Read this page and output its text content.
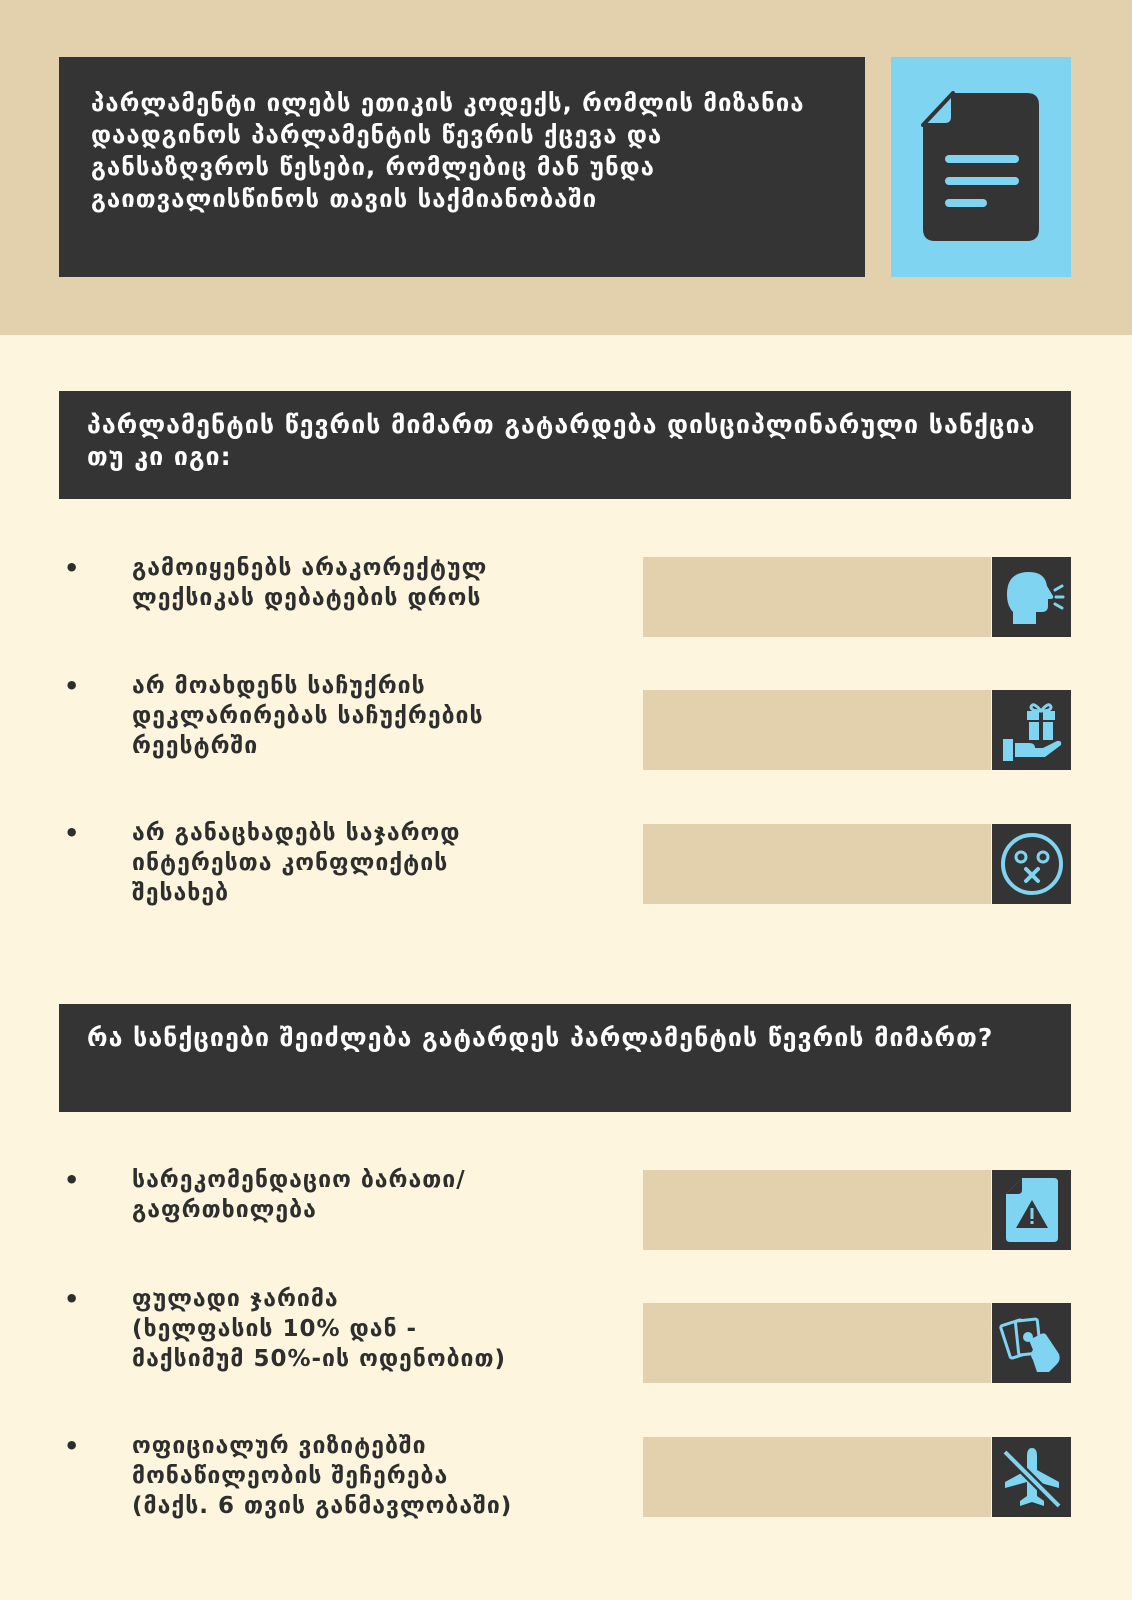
პარლამენტი ილებს ეთიკის კოდექს, რომლის მიზანია დაადგინოს პარლამენტის წევრის ქცევა და განსაზღვროს წესები, რომლებიც მან უნდა გაითვალისწინოს თავის საქმიანობაში
პარლამენტის წევრის მიმართ გატარდება დისციპლინარული სანქცია თუ კი იგი:
• გამოიყენებს არაკორექტულ
ლექსიკას დებატების დროს
• არ მოახდენს საჩუქრის
დეკლარირებას საჩუქრების
რეესტრში
• არ განაცხადებს საჯაროდ
ინტერესთა კონფლიქტის
შესახებ
რა სანქციები შეიძლება გატარდეს პარლამენტის წევრის მიმართ?
• სარეკომენდაციო ბარათი/
გაფრთხილება
• ფულადი ჯარიმა
(ხელფასის 10% დან -
მაქსიმუმ 50%-ის ოდენობით)
• ოფიციალურ ვიზიტებში
მონაწილეობის შეჩერება
(მაქს. 6 თვის განმავლობაში)
